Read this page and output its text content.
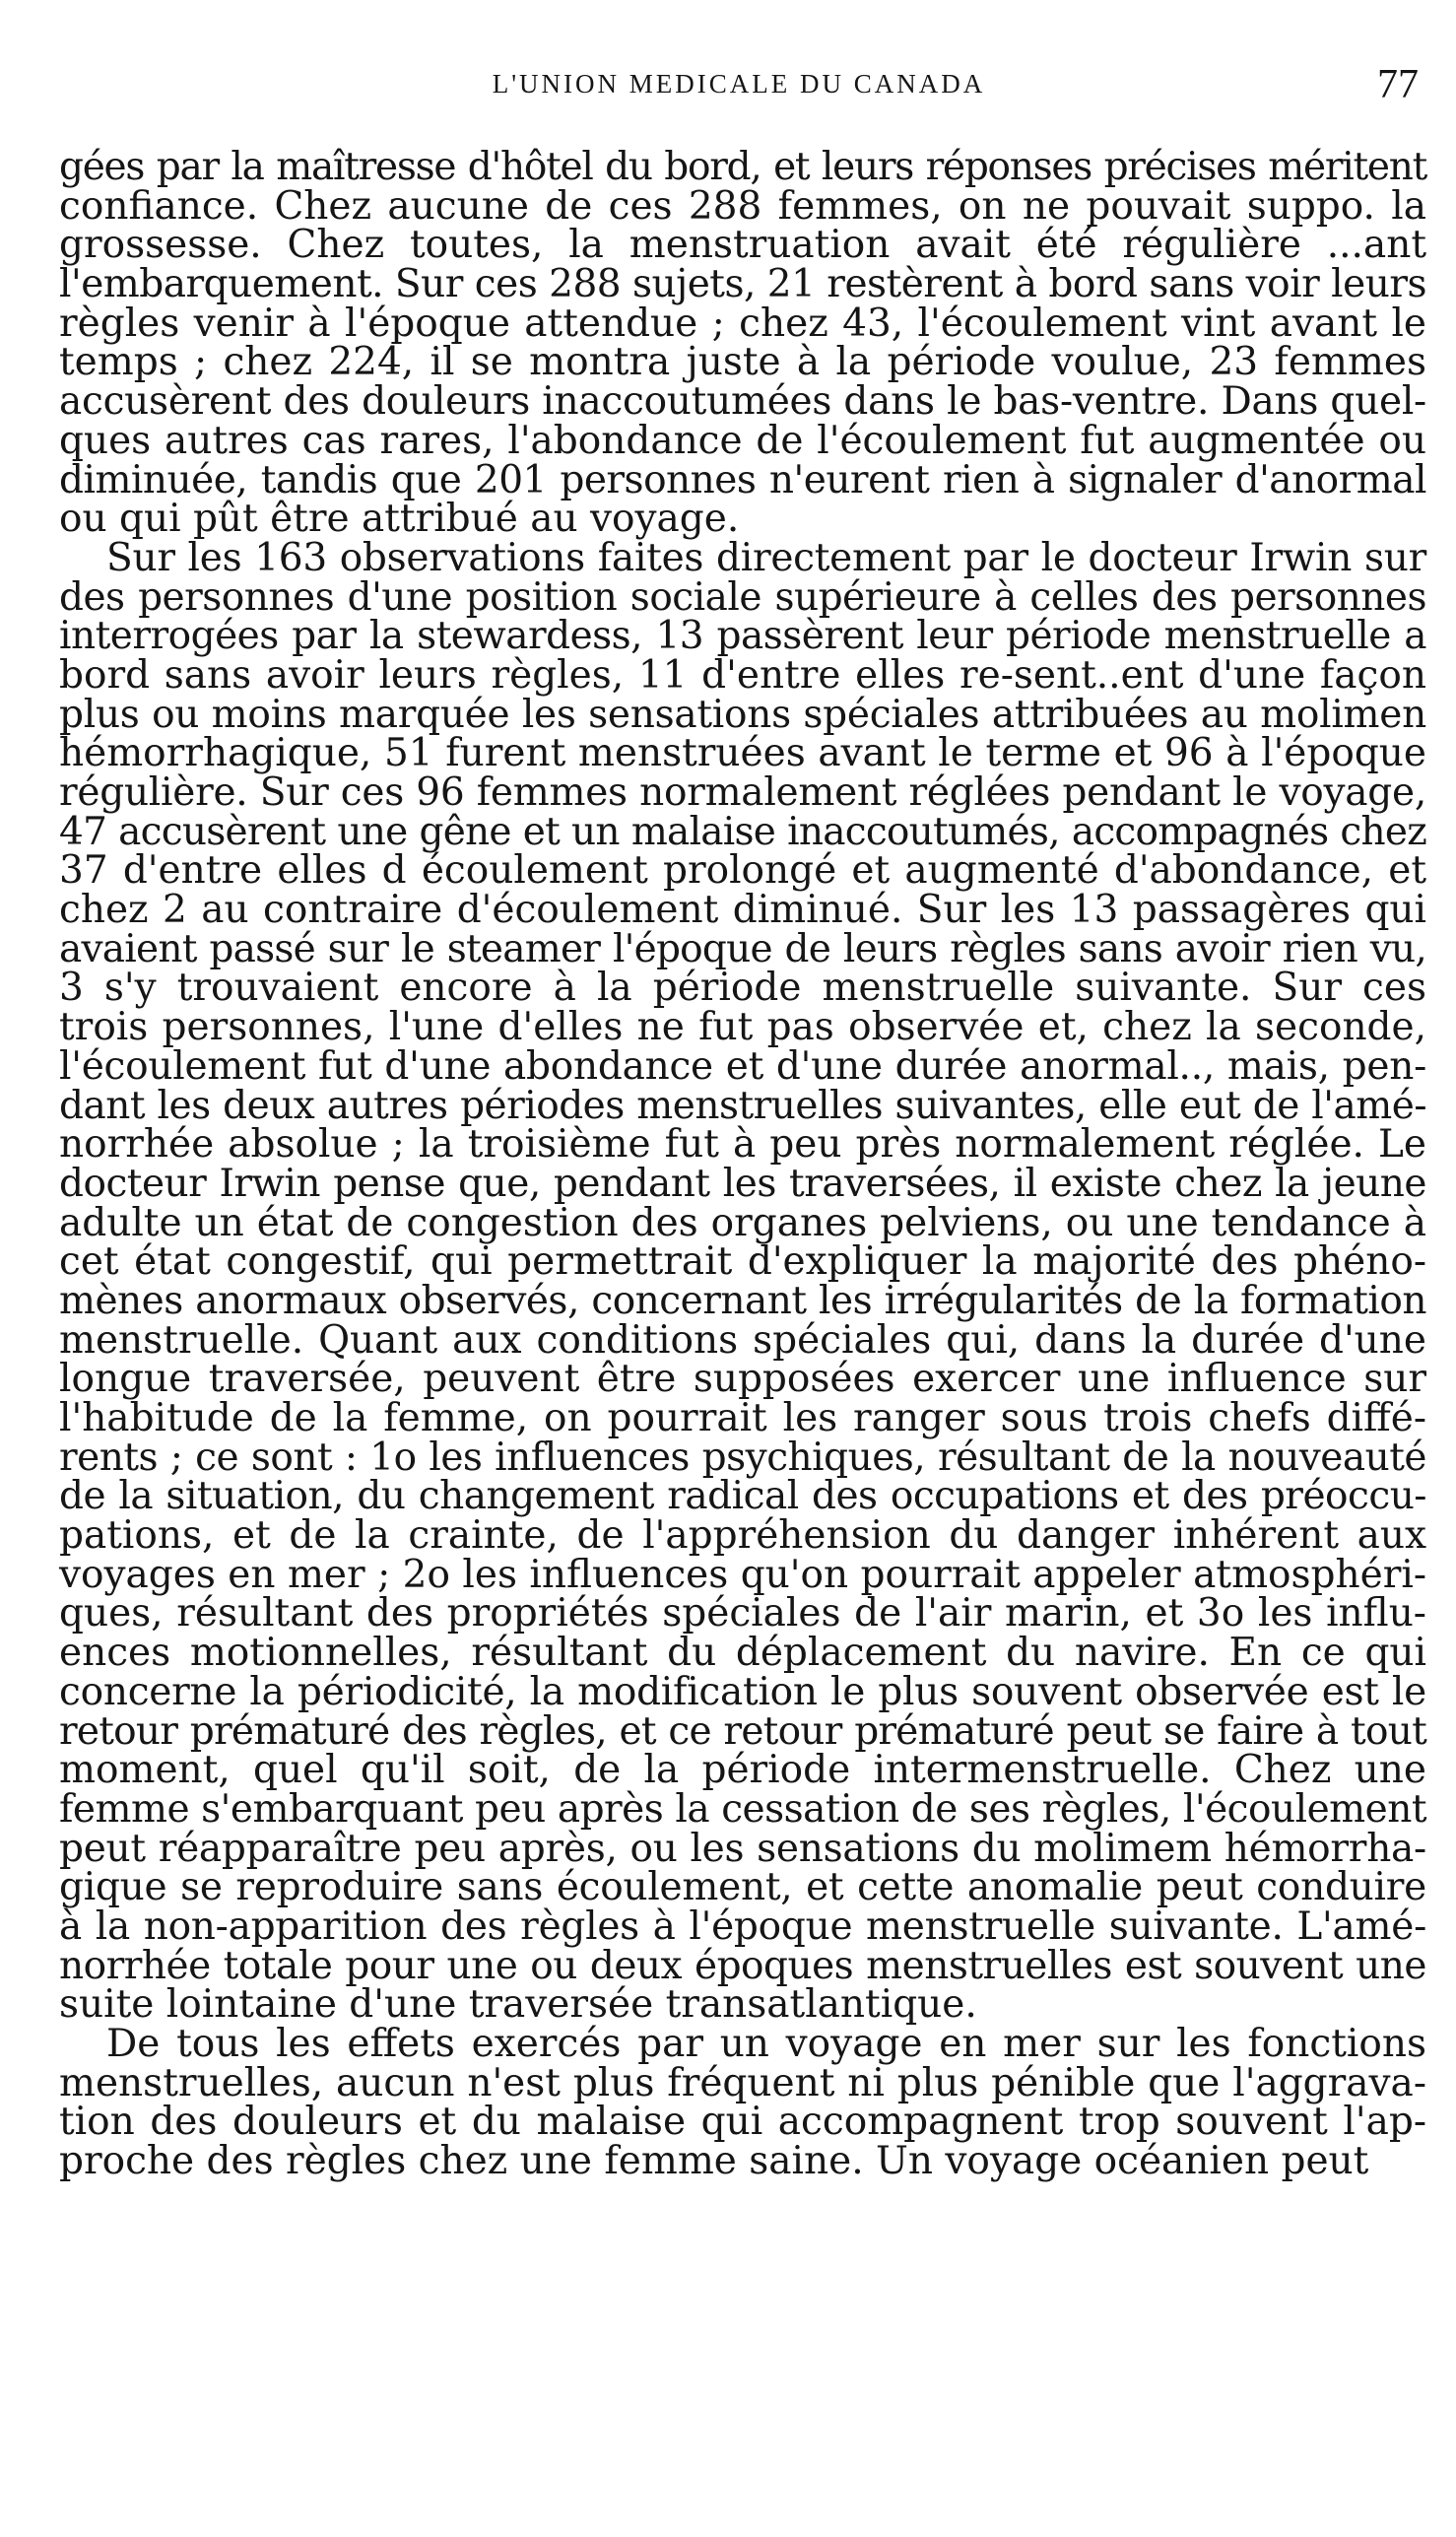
L'UNION MEDICALE DU CANADA	77
gées par la maîtresse d'hôtel du bord, et leurs réponses précises méritent
confiance. Chez aucune de ces 288 femmes, on ne pouvait suppo. la
grossesse. Chez toutes, la menstruation avait été régulière ...ant
l'embarquement. Sur ces 288 sujets, 21 restèrent à bord sans voir leurs
règles venir à l'époque attendue ; chez 43, l'écoulement vint avant le
temps ; chez 224, il se montra juste à la période voulue, 23 femmes
accusèrent des douleurs inaccoutumées dans le bas-ventre. Dans quel-
ques autres cas rares, l'abondance de l'écoulement fut augmentée ou
diminuée, tandis que 201 personnes n'eurent rien à signaler d'anormal
ou qui pût être attribué au voyage.
Sur les 163 observations faites directement par le docteur Irwin sur
des personnes d'une position sociale supérieure à celles des personnes
interrogées par la stewardess, 13 passèrent leur période menstruelle a
bord sans avoir leurs règles, 11 d'entre elles re-sent..ent d'une façon
plus ou moins marquée les sensations spéciales attribuées au molimen
hémorrhagique, 51 furent menstruées avant le terme et 96 à l'époque
régulière. Sur ces 96 femmes normalement réglées pendant le voyage,
47 accusèrent une gêne et un malaise inaccoutumés, accompagnés chez
37 d'entre elles d écoulement prolongé et augmenté d'abondance, et
chez 2 au contraire d'écoulement diminué. Sur les 13 passagères qui
avaient passé sur le steamer l'époque de leurs règles sans avoir rien vu,
3 s'y trouvaient encore à la période menstruelle suivante. Sur ces
trois personnes, l'une d'elles ne fut pas observée et, chez la seconde,
l'écoulement fut d'une abondance et d'une durée anormal.., mais, pen-
dant les deux autres périodes menstruelles suivantes, elle eut de l'amé-
norrhée absolue ; la troisième fut à peu près normalement réglée. Le
docteur Irwin pense que, pendant les traversées, il existe chez la jeune
adulte un état de congestion des organes pelviens, ou une tendance à
cet état congestif, qui permettrait d'expliquer la majorité des phéno-
mènes anormaux observés, concernant les irrégularités de la formation
menstruelle. Quant aux conditions spéciales qui, dans la durée d'une
longue traversée, peuvent être supposées exercer une influence sur
l'habitude de la femme, on pourrait les ranger sous trois chefs diffé-
rents ; ce sont : 1o les influences psychiques, résultant de la nouveauté
de la situation, du changement radical des occupations et des préoccu-
pations, et de la crainte, de l'appréhension du danger inhérent aux
voyages en mer ; 2o les influences qu'on pourrait appeler atmosphéri-
ques, résultant des propriétés spéciales de l'air marin, et 3o les influ-
ences motionnelles, résultant du déplacement du navire. En ce qui
concerne la périodicité, la modification le plus souvent observée est le
retour prématuré des règles, et ce retour prématuré peut se faire à tout
moment, quel qu'il soit, de la période intermenstruelle. Chez une
femme s'embarquant peu après la cessation de ses règles, l'écoulement
peut réapparaître peu après, ou les sensations du molimem hémorrha-
gique se reproduire sans écoulement, et cette anomalie peut conduire
à la non-apparition des règles à l'époque menstruelle suivante. L'amé-
norrhée totale pour une ou deux époques menstruelles est souvent une
suite lointaine d'une traversée transatlantique.
De tous les effets exercés par un voyage en mer sur les fonctions
menstruelles, aucun n'est plus fréquent ni plus pénible que l'aggrava-
tion des douleurs et du malaise qui accompagnent trop souvent l'ap-
proche des règles chez une femme saine. Un voyage océanien peut
